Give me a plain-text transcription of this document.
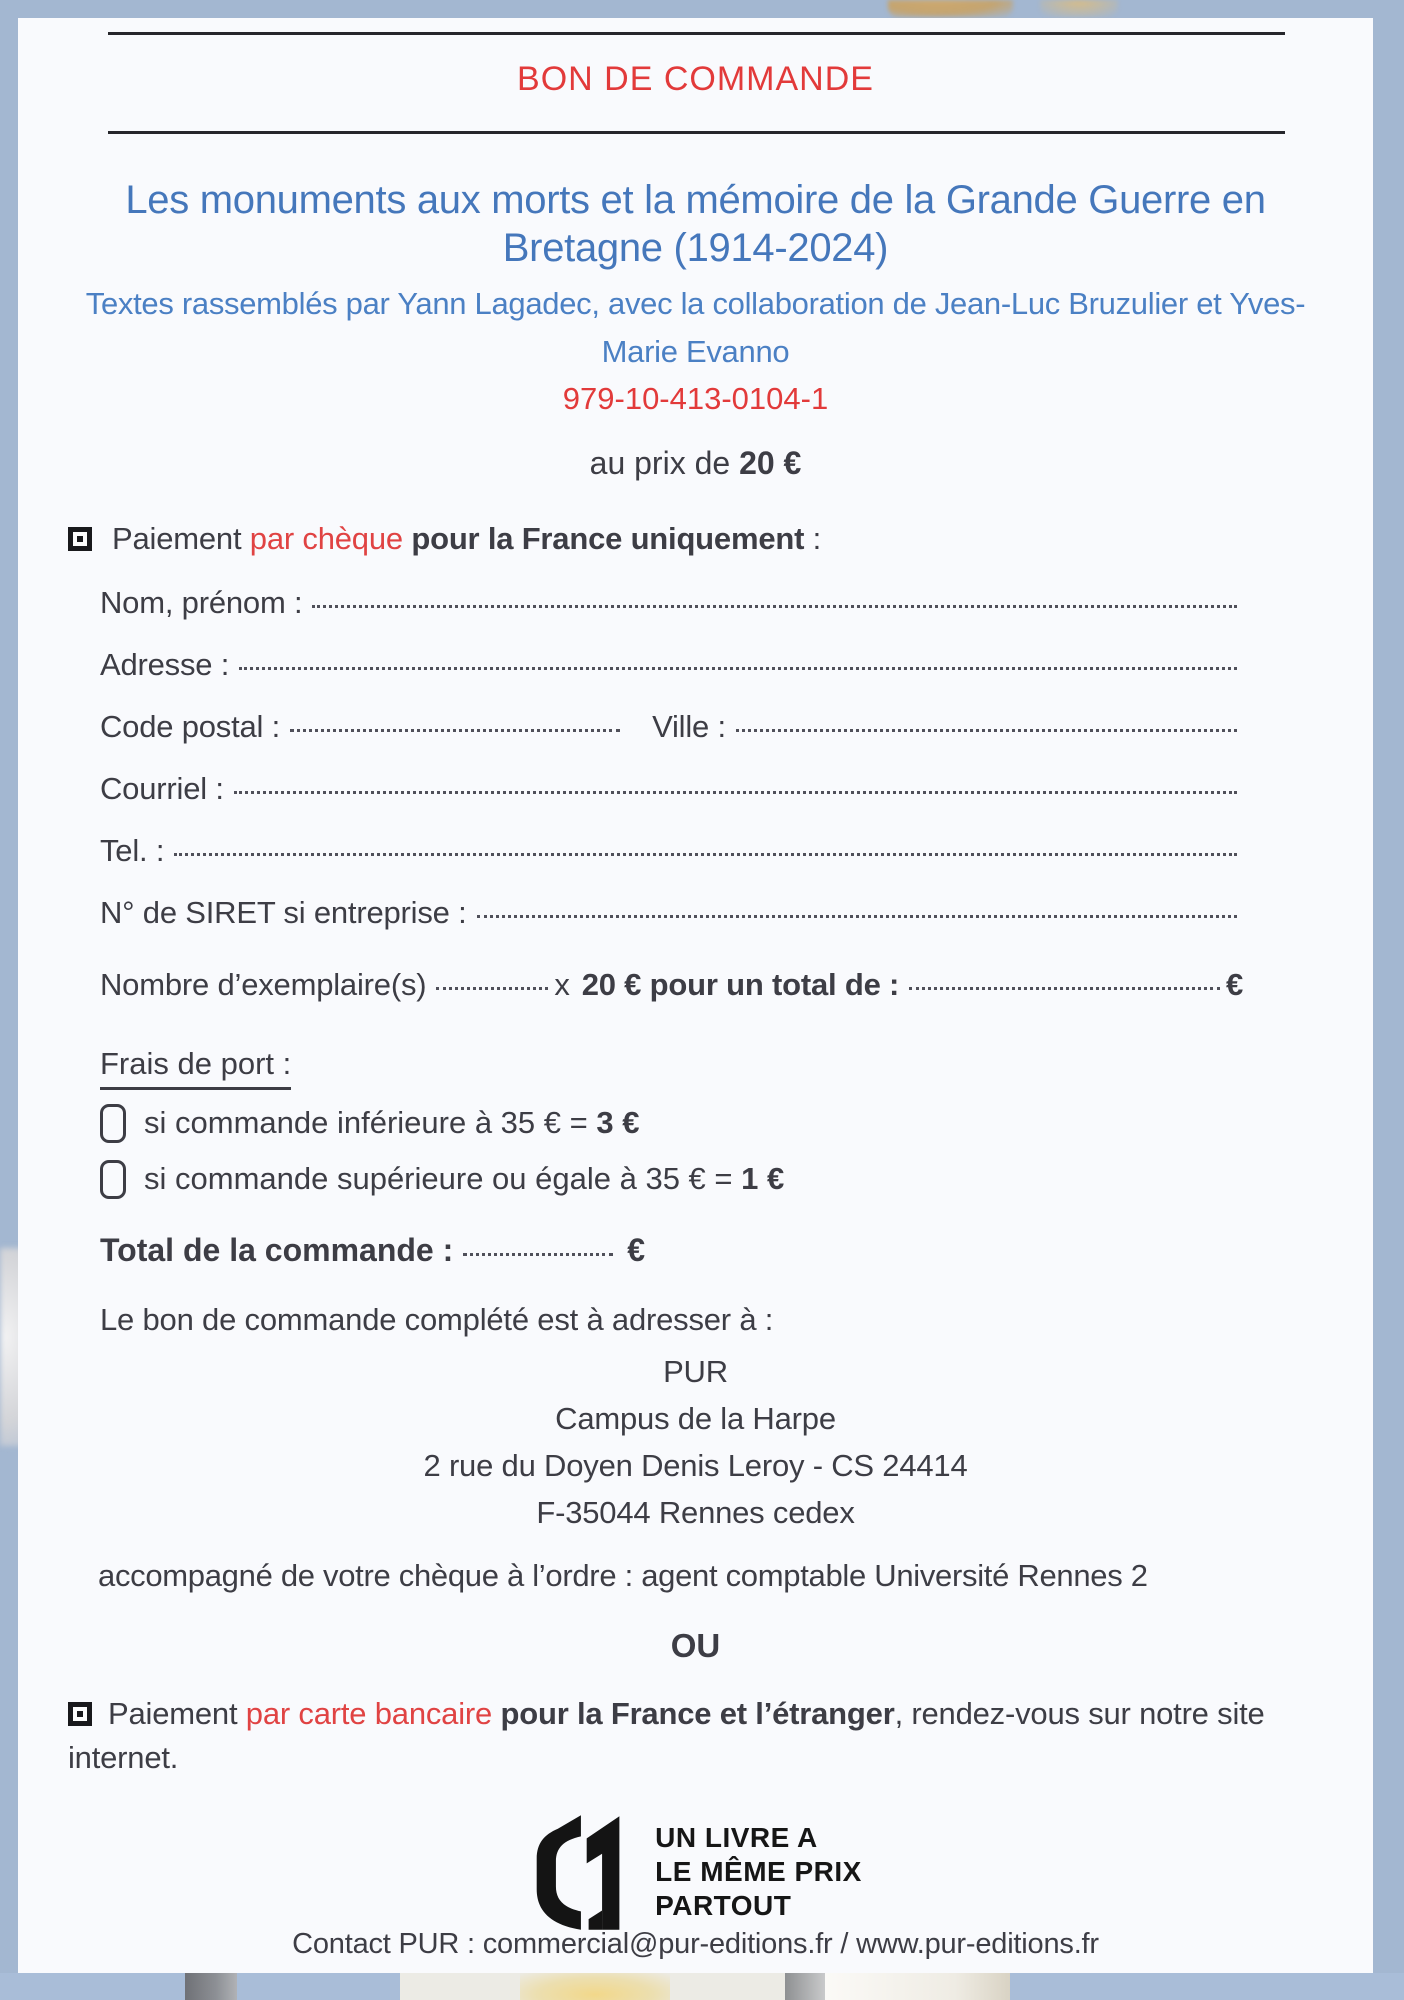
BON DE COMMANDE
Les monuments aux morts et la mémoire de la Grande Guerre en Bretagne (1914-2024)
Textes rassemblés par Yann Lagadec, avec la collaboration de Jean-Luc Bruzulier et Yves-Marie Evanno
979-10-413-0104-1
au prix de 20 €
Paiement par chèque pour la France uniquement :
Nom, prénom :
Adresse :
Code postal :	Ville :
Courriel :
Tel. :
N° de SIRET si entreprise :
Nombre d’exemplaire(s)	x 20 € pour un total de :	€
Frais de port :
si commande inférieure à 35 € = 3 €
si commande supérieure ou égale à 35 € = 1 €
Total de la commande :	€
Le bon de commande complété est à adresser à :
PUR
Campus de la Harpe
2 rue du Doyen Denis Leroy - CS 24414
F-35044 Rennes cedex
accompagné de votre chèque à l’ordre : agent comptable Université Rennes 2
OU
Paiement par carte bancaire pour la France et l’étranger, rendez-vous sur notre site internet.
UN LIVRE A
LE MÊME PRIX
PARTOUT
Contact PUR : commercial@pur-editions.fr / www.pur-editions.fr
